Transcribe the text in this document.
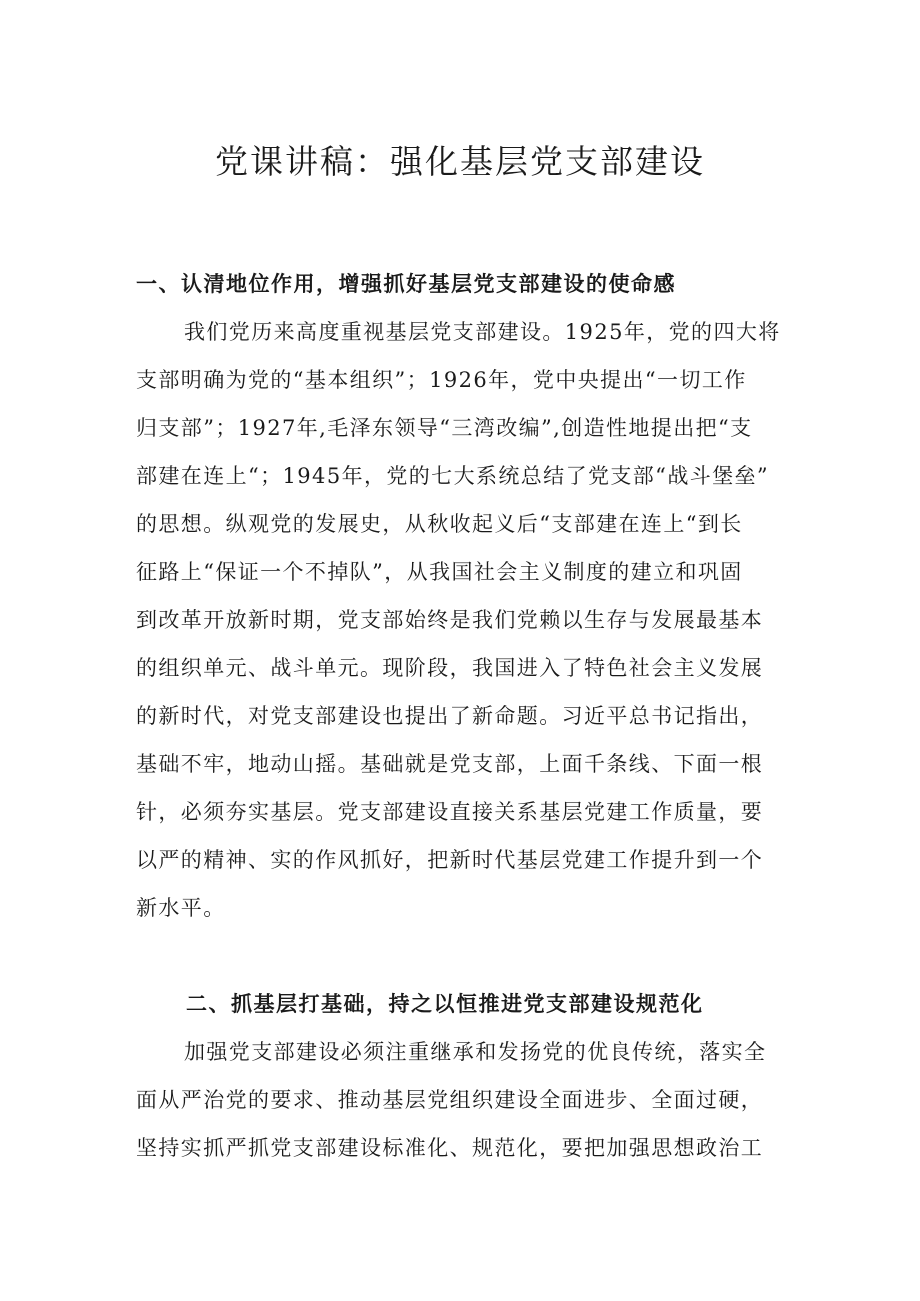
党课讲稿：强化基层党支部建设
一、认清地位作用，增强抓好基层党支部建设的使命感
我们党历来高度重视基层党支部建设。1925年，党的四大将
支部明确为党的“基本组织”；1926年，党中央提出“一切工作
归支部”；1927年,毛泽东领导“三湾改编”,创造性地提出把“支
部建在连上“；1945年，党的七大系统总结了党支部“战斗堡垒”
的思想。纵观党的发展史，从秋收起义后“支部建在连上“到长
征路上“保证一个不掉队”，从我国社会主义制度的建立和巩固
到改革开放新时期，党支部始终是我们党赖以生存与发展最基本
的组织单元、战斗单元。现阶段，我国进入了特色社会主义发展
的新时代，对党支部建设也提出了新命题。习近平总书记指出，
基础不牢，地动山摇。基础就是党支部，上面千条线、下面一根
针，必须夯实基层。党支部建设直接关系基层党建工作质量，要
以严的精神、实的作风抓好，把新时代基层党建工作提升到一个
新水平。
二、抓基层打基础，持之以恒推进党支部建设规范化
加强党支部建设必须注重继承和发扬党的优良传统，落实全
面从严治党的要求、推动基层党组织建设全面进步、全面过硬，
坚持实抓严抓党支部建设标准化、规范化，要把加强思想政治工
